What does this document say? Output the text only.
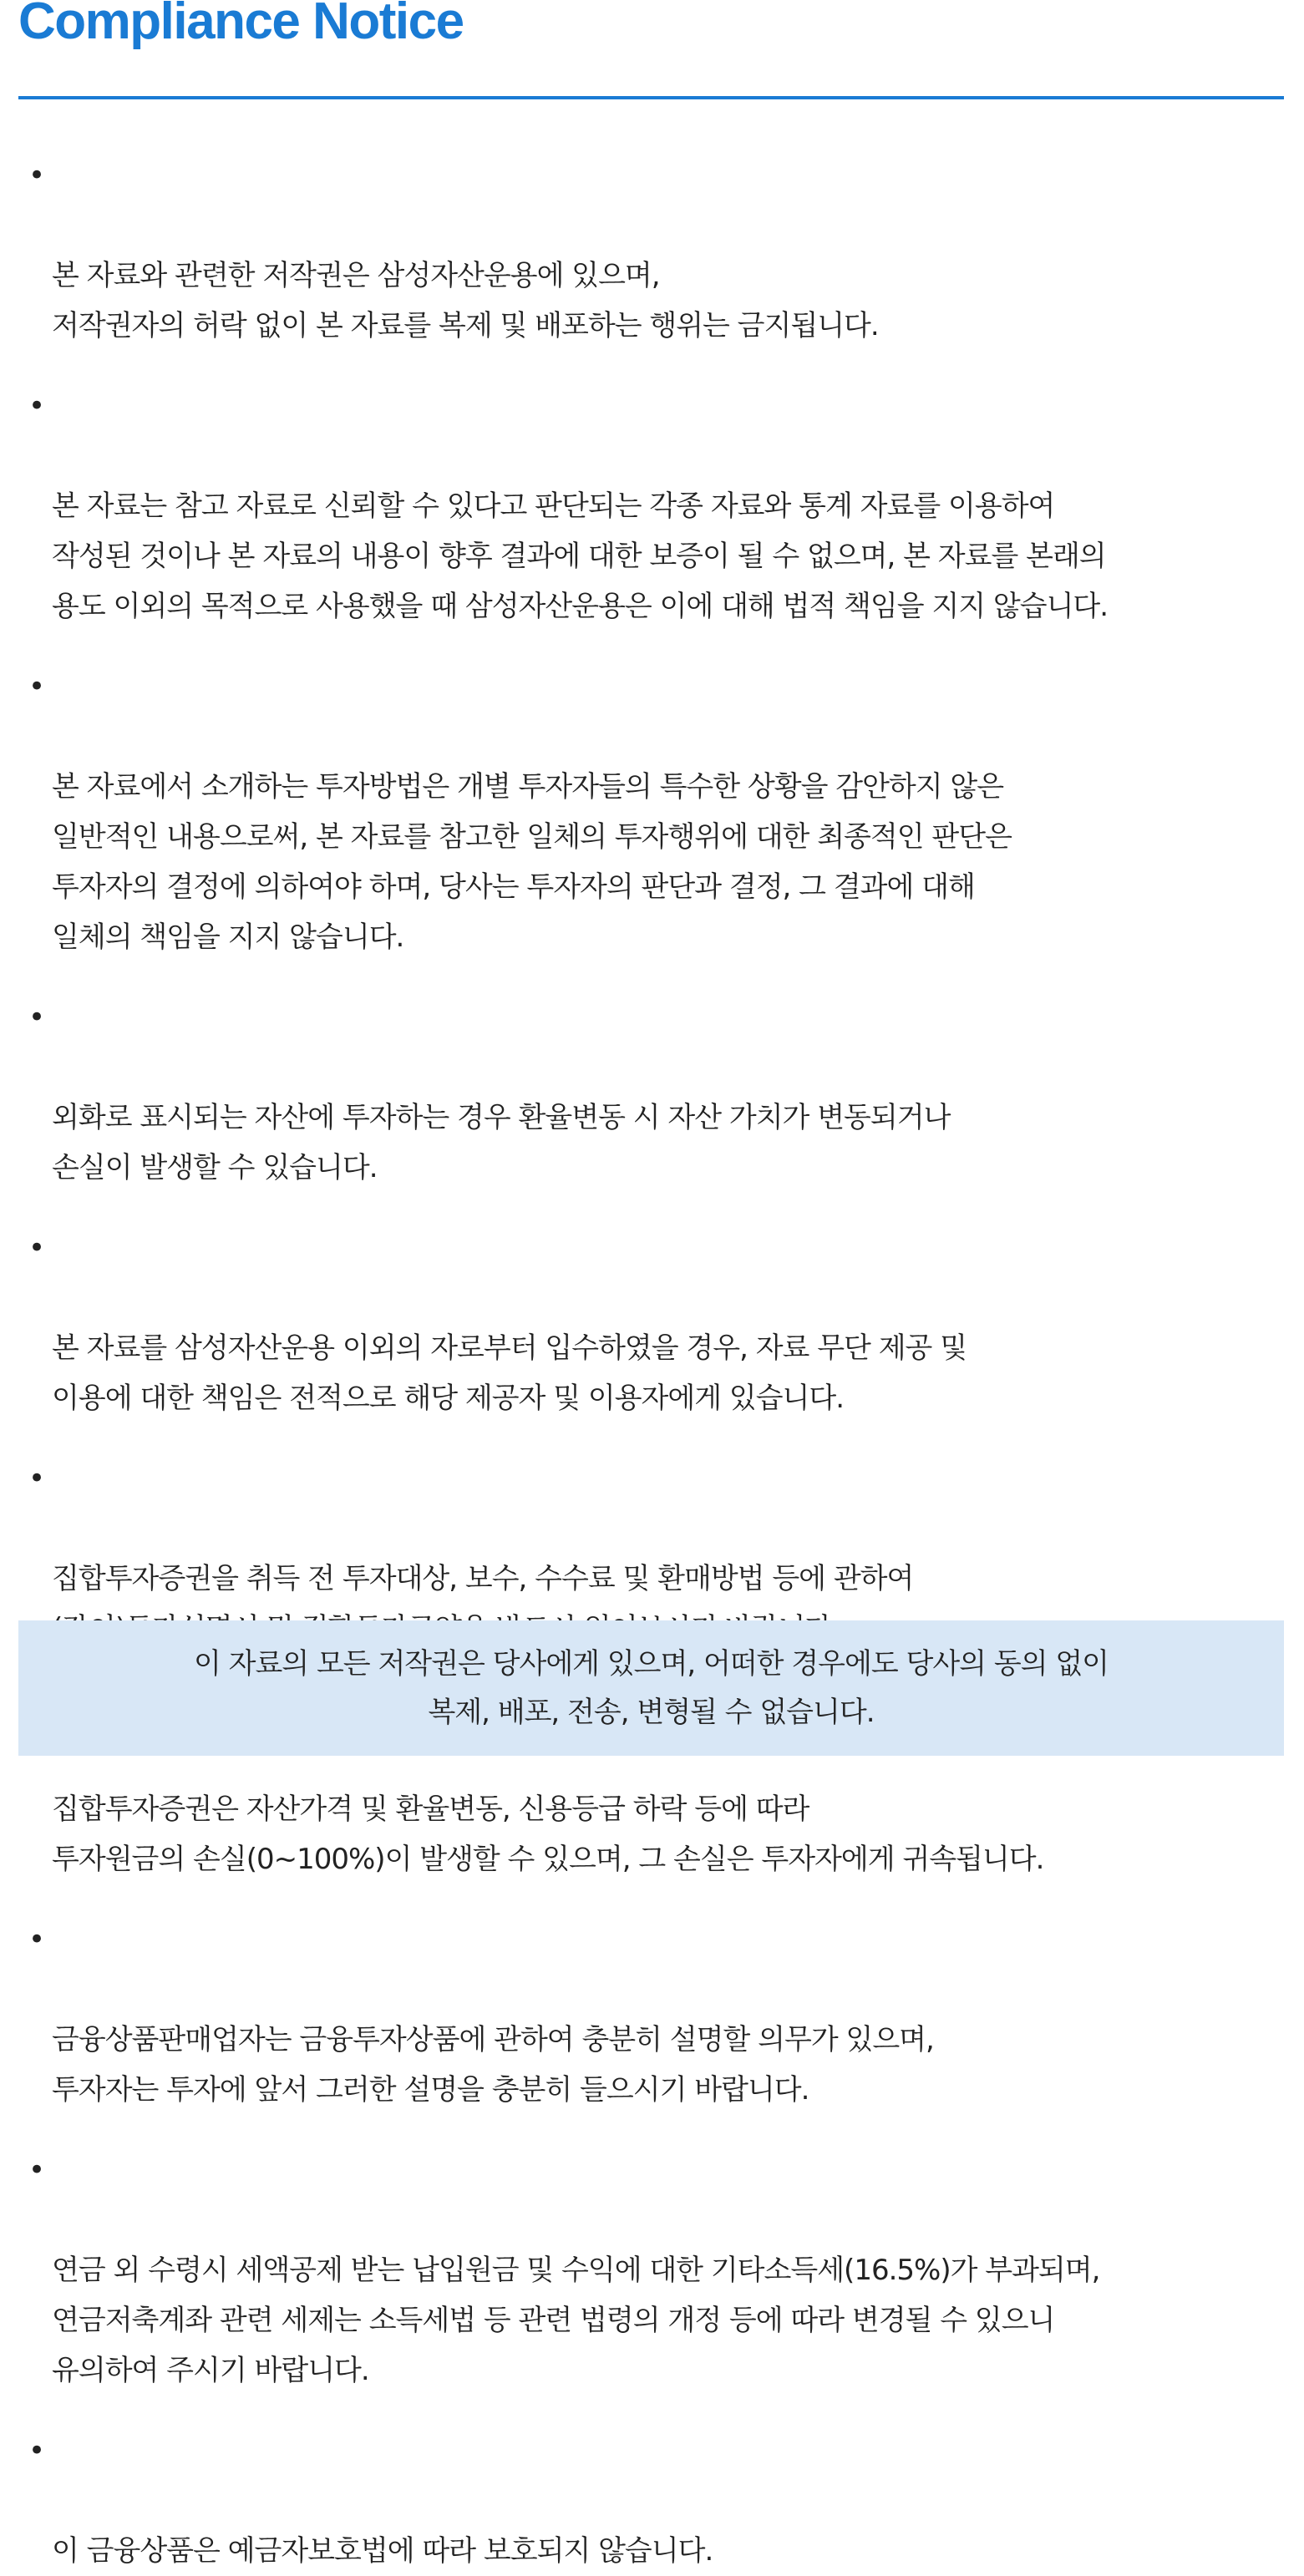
Compliance Notice

•

본 자료와 관련한 저작권은 삼성자산운용에 있으며,
저작권자의 허락 없이 본 자료를 복제 및 배포하는 행위는 금지됩니다.

•

본 자료는 참고 자료로 신뢰할 수 있다고 판단되는 각종 자료와 통계 자료를 이용하여
작성된 것이나 본 자료의 내용이 향후 결과에 대한 보증이 될 수 없으며, 본 자료를 본래의
용도 이외의 목적으로 사용했을 때 삼성자산운용은 이에 대해 법적 책임을 지지 않습니다.

•

본 자료에서 소개하는 투자방법은 개별 투자자들의 특수한 상황을 감안하지 않은
일반적인 내용으로써, 본 자료를 참고한 일체의 투자행위에 대한 최종적인 판단은
투자자의 결정에 의하여야 하며, 당사는 투자자의 판단과 결정, 그 결과에 대해
일체의 책임을 지지 않습니다.

•

외화로 표시되는 자산에 투자하는 경우 환율변동 시 자산 가치가 변동되거나
손실이 발생할 수 있습니다.

•

본 자료를 삼성자산운용 이외의 자로부터 입수하였을 경우, 자료 무단 제공 및
이용에 대한 책임은 전적으로 해당 제공자 및 이용자에게 있습니다.

•

집합투자증권을 취득 전 투자대상, 보수, 수수료 및 환매방법 등에 관하여

집합투자증권은 자산가격 및 환율변동, 신용등급 하락 등에 따라
투자원금의 손실(0~100%)이 발생할 수 있으며, 그 손실은 투자자에게 귀속됩니다.

•

금융상품판매업자는 금융투자상품에 관하여 충분히 설명할 의무가 있으며,
투자자는 투자에 앞서 그러한 설명을 충분히 들으시기 바랍니다.

•

연금 외 수령시 세액공제 받는 납입원금 및 수익에 대한 기타소득세(16.5%)가 부과되며,
연금저축계좌 관련 세제는 소득세법 등 관련 법령의 개정 등에 따라 변경될 수 있으니
유의하여 주시기 바랍니다.

•

이 금융상품은 예금자보호법에 따라 보호되지 않습니다.

이 자료의 모든 저작권은 당사에게 있으며, 어떠한 경우에도 당사의 동의 없이
복제, 배포, 전송, 변형될 수 없습니다.
